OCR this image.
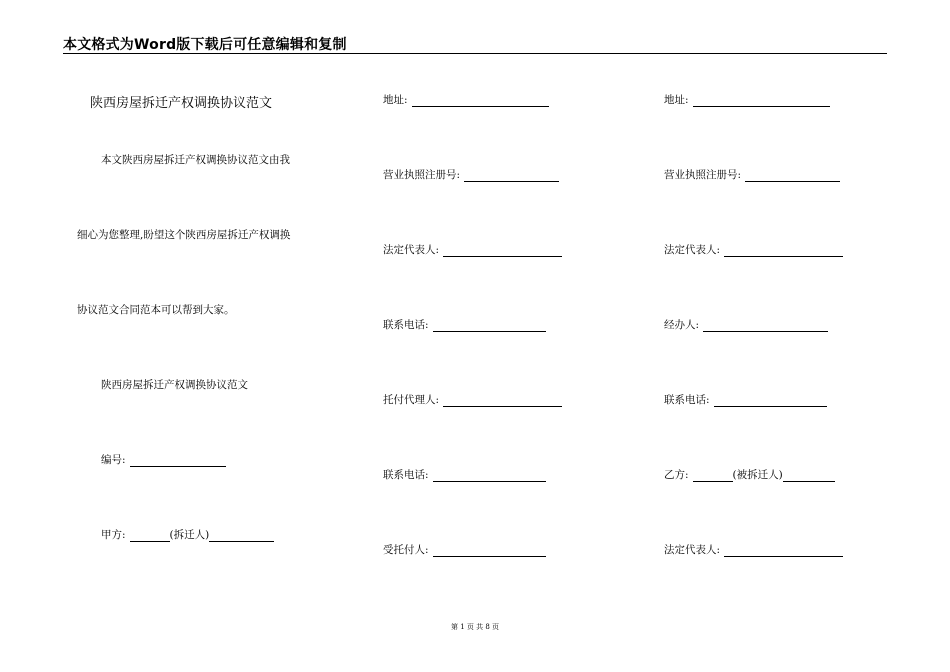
本文格式为Word版下载后可任意编辑和复制
陕西房屋拆迁产权调换协议范文
本文陕西房屋拆迁产权调换协议范文由我
细心为您整理,盼望这个陕西房屋拆迁产权调换
协议范文合同范本可以帮到大家。
陕西房屋拆迁产权调换协议范文
编号:
甲方:	(拆迁人)
地址:
营业执照注册号:
法定代表人:
联系电话:
托付代理人:
联系电话:
受托付人:
地址:
营业执照注册号:
法定代表人:
经办人:
联系电话:
乙方:	(被拆迁人)
法定代表人:
第 1 页 共 8 页
